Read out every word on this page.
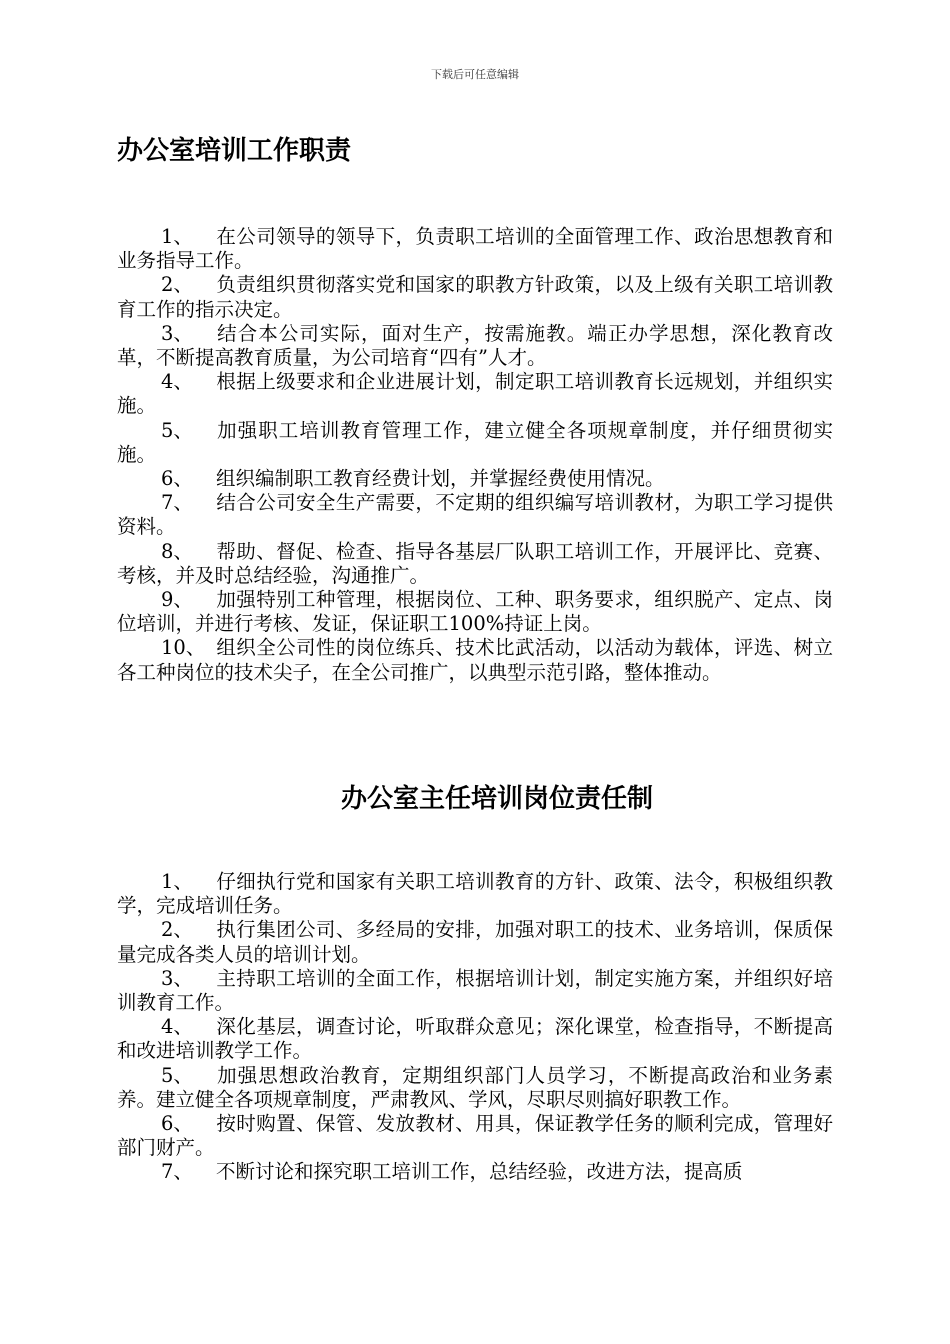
下载后可任意编辑
办公室培训工作职责
1、 在公司领导的领导下，负责职工培训的全面管理工作、政治思想教育和业务指导工作。
2、 负责组织贯彻落实党和国家的职教方针政策，以及上级有关职工培训教育工作的指示决定。
3、 结合本公司实际，面对生产，按需施教。端正办学思想，深化教育改革，不断提高教育质量，为公司培育“四有”人才。
4、 根据上级要求和企业进展计划，制定职工培训教育长远规划，并组织实施。
5、 加强职工培训教育管理工作，建立健全各项规章制度，并仔细贯彻实施。
6、 组织编制职工教育经费计划，并掌握经费使用情况。
7、 结合公司安全生产需要，不定期的组织编写培训教材，为职工学习提供资料。
8、 帮助、督促、检查、指导各基层厂队职工培训工作，开展评比、竞赛、考核，并及时总结经验，沟通推广。
9、 加强特别工种管理，根据岗位、工种、职务要求，组织脱产、定点、岗位培训，并进行考核、发证，保证职工100%持证上岗。
10、 组织全公司性的岗位练兵、技术比武活动，以活动为载体，评选、树立各工种岗位的技术尖子，在全公司推广，以典型示范引路，整体推动。
办公室主任培训岗位责任制
1、 仔细执行党和国家有关职工培训教育的方针、政策、法令，积极组织教学，完成培训任务。
2、 执行集团公司、多经局的安排，加强对职工的技术、业务培训，保质保量完成各类人员的培训计划。
3、 主持职工培训的全面工作，根据培训计划，制定实施方案，并组织好培训教育工作。
4、 深化基层，调查讨论，听取群众意见；深化课堂，检查指导，不断提高和改进培训教学工作。
5、 加强思想政治教育，定期组织部门人员学习，不断提高政治和业务素养。建立健全各项规章制度，严肃教风、学风，尽职尽则搞好职教工作。
6、 按时购置、保管、发放教材、用具，保证教学任务的顺利完成，管理好部门财产。
7、 不断讨论和探究职工培训工作，总结经验，改进方法，提高质
